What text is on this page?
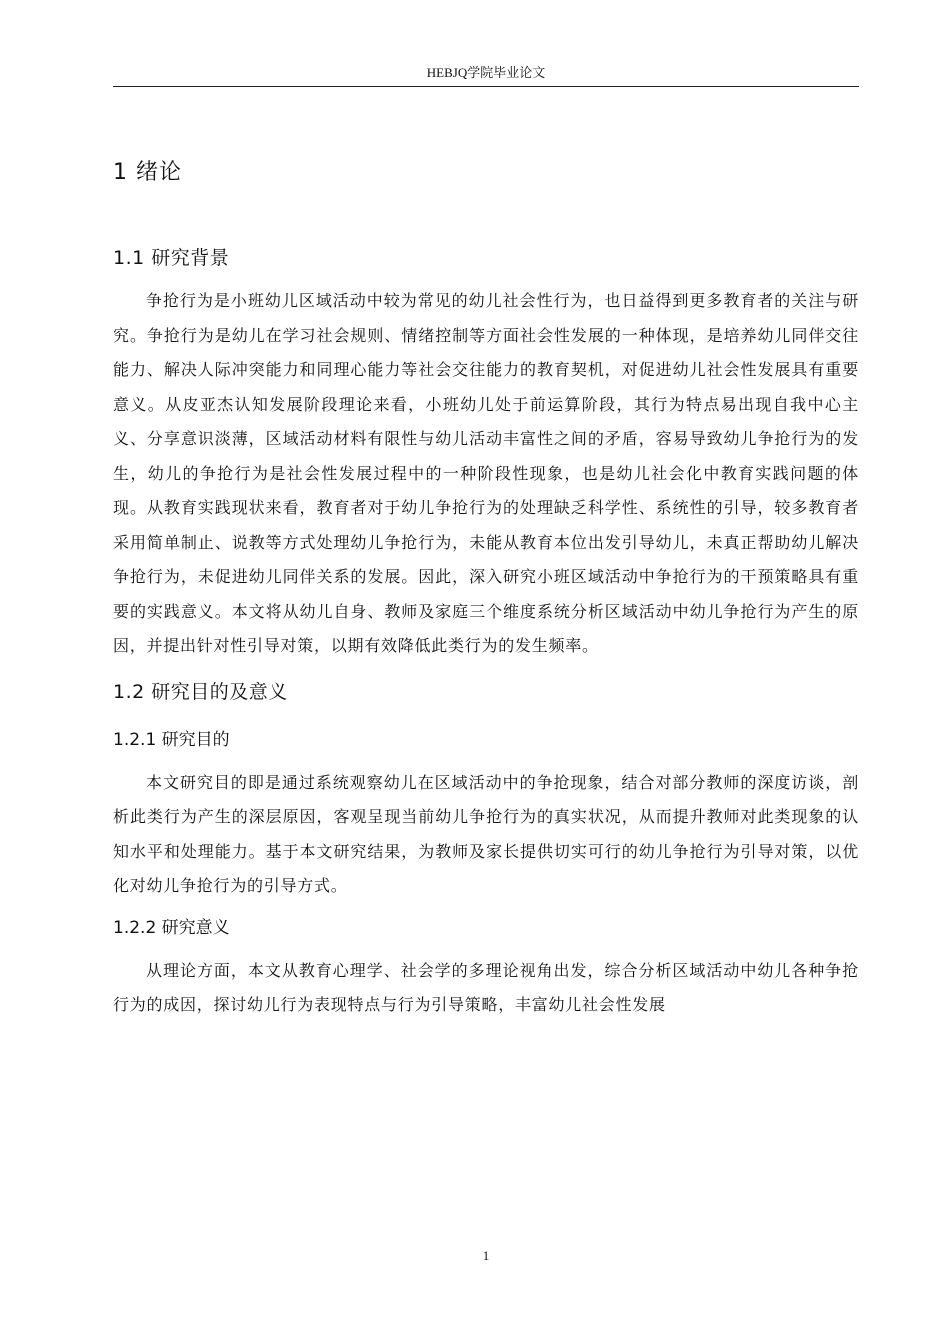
HEBJQ学院毕业论文
1 绪论
1.1 研究背景

争抢行为是小班幼儿区域活动中较为常见的幼儿社会性行为，也日益得到更多教育者的关注与研究。争抢行为是幼儿在学习社会规则、情绪控制等方面社会性发展的一种体现，是培养幼儿同伴交往能力、解决人际冲突能力和同理心能力等社会交往能力的教育契机，对促进幼儿社会性发展具有重要意义。从皮亚杰认知发展阶段理论来看，小班幼儿处于前运算阶段，其行为特点易出现自我中心主义、分享意识淡薄，区域活动材料有限性与幼儿活动丰富性之间的矛盾，容易导致幼儿争抢行为的发生，幼儿的争抢行为是社会性发展过程中的一种阶段性现象，也是幼儿社会化中教育实践问题的体现。从教育实践现状来看，教育者对于幼儿争抢行为的处理缺乏科学性、系统性的引导，较多教育者采用简单制止、说教等方式处理幼儿争抢行为，未能从教育本位出发引导幼儿，未真正帮助幼儿解决争抢行为，未促进幼儿同伴关系的发展。因此，深入研究小班区域活动中争抢行为的干预策略具有重要的实践意义。本文将从幼儿自身、教师及家庭三个维度系统分析区域活动中幼儿争抢行为产生的原因，并提出针对性引导对策，以期有效降低此类行为的发生频率。

1.2 研究目的及意义
1.2.1 研究目的

本文研究目的即是通过系统观察幼儿在区域活动中的争抢现象，结合对部分教师的深度访谈，剖析此类行为产生的深层原因，客观呈现当前幼儿争抢行为的真实状况，从而提升教师对此类现象的认知水平和处理能力。基于本文研究结果，为教师及家长提供切实可行的幼儿争抢行为引导对策，以优化对幼儿争抢行为的引导方式。

1.2.2 研究意义

从理论方面，本文从教育心理学、社会学的多理论视角出发，综合分析区域活动中幼儿各种争抢行为的成因，探讨幼儿行为表现特点与行为引导策略，丰富幼儿社会性发展

1
